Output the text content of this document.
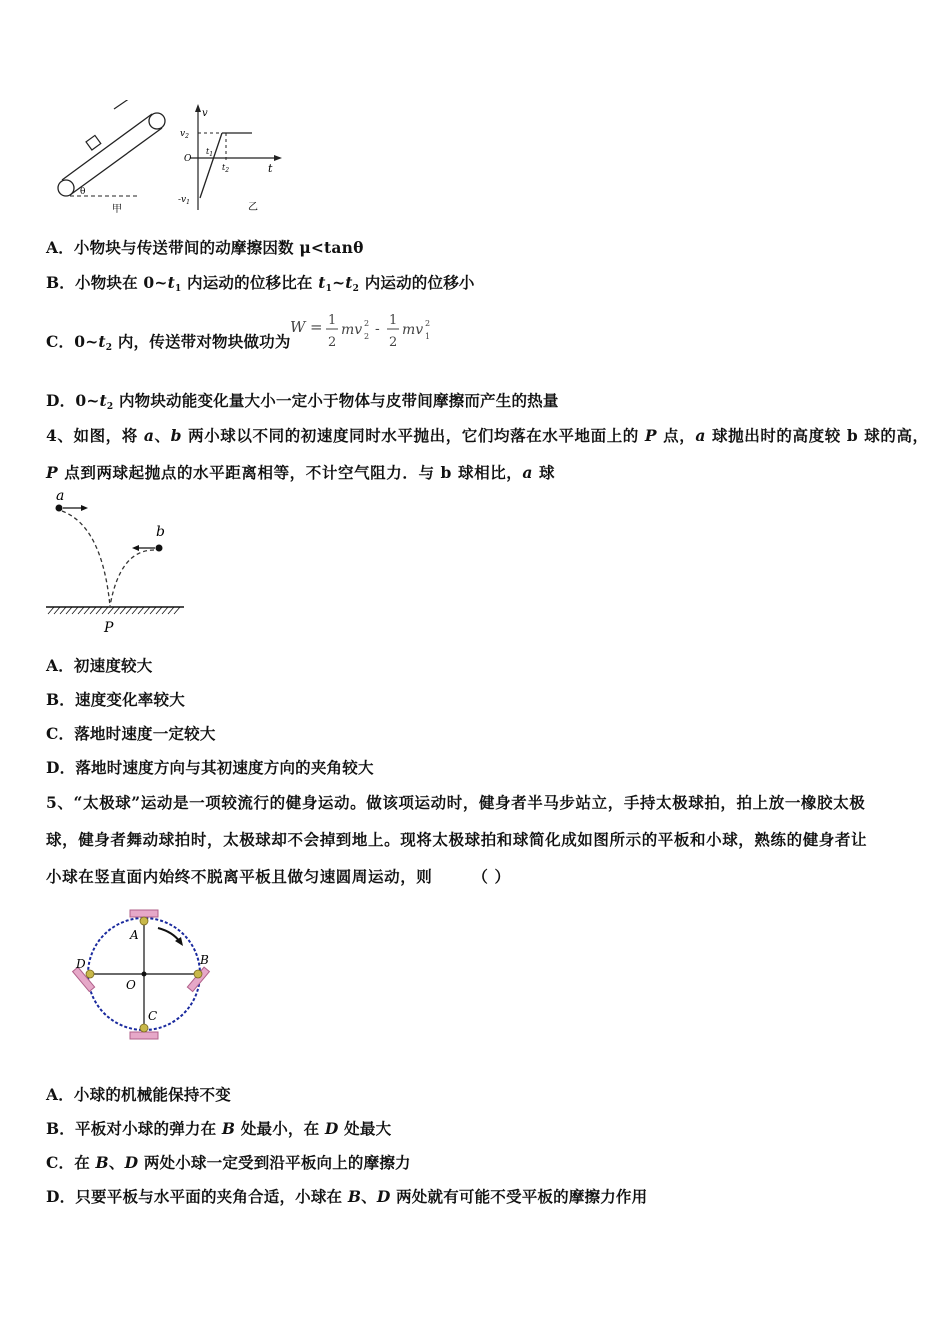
θ
甲
v
t
O
$v_2$
$-v_1$
$t_1$
$t_2$
乙
A．小物块与传送带间的动摩擦因数 μ<tanθ
B．小物块在 $0\sim t_1$ 内运动的位移比在 $t_1\sim t_2$ 内运动的位移小
C．$0\sim t_2$ 内，传送带对物块做功为
W = 1
2
mv 2
2 -
1
2
mv 2
1
D．$0\sim t_2$ 内物块动能变化量大小一定小于物体与皮带间摩擦而产生的热量
4、如图，将 a、b 两小球以不同的初速度同时水平抛出，它们均落在水平地面上的 P 点，a 球抛出时的高度较 b 球的高，
P 点到两球起抛点的水平距离相等，不计空气阻力．与 b 球相比，a 球
a
b
P
A．初速度较大
B．速度变化率较大
C．落地时速度一定较大
D．落地时速度方向与其初速度方向的夹角较大
5、“太极球”运动是一项较流行的健身运动。做该项运动时，健身者半马步站立，手持太极球拍，拍上放一橡胶太极
球，健身者舞动球拍时，太极球却不会掉到地上。现将太极球拍和球简化成如图所示的平板和小球，熟练的健身者让
小球在竖直面内始终不脱离平板且做匀速圆周运动，则	（ ）
A
B
C
D
O
A．小球的机械能保持不变
B．平板对小球的弹力在 B 处最小，在 D 处最大
C．在 B、D 两处小球一定受到沿平板向上的摩擦力
D．只要平板与水平面的夹角合适，小球在 B、D 两处就有可能不受平板的摩擦力作用
